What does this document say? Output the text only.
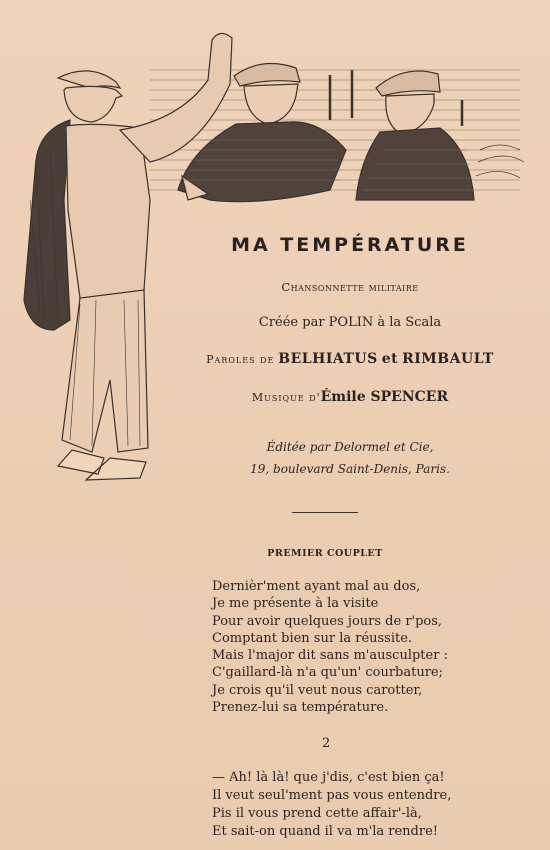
MA TEMPÉRATURE
Chansonnette militaire
Créée par POLIN à la Scala
Paroles de BELHIATUS et RIMBAULT
Musique d'Émile SPENCER
Éditée par Delormel et Cie,
19, boulevard Saint-Denis, Paris.
PREMIER COUPLET
Dernièr'ment ayant mal au dos,
Je me présente à la visite
Pour avoir quelques jours de r'pos,
Comptant bien sur la réussite.
Mais l'major dit sans m'ausculpter :
C'gaillard-là n'a qu'un' courbature;
Je crois qu'il veut nous carotter,
Prenez-lui sa température.
2
— Ah! là là! que j'dis, c'est bien ça!
Il veut seul'ment pas vous entendre,
Pis il vous prend cette affair'-là,
Et sait-on quand il va m'la rendre!
